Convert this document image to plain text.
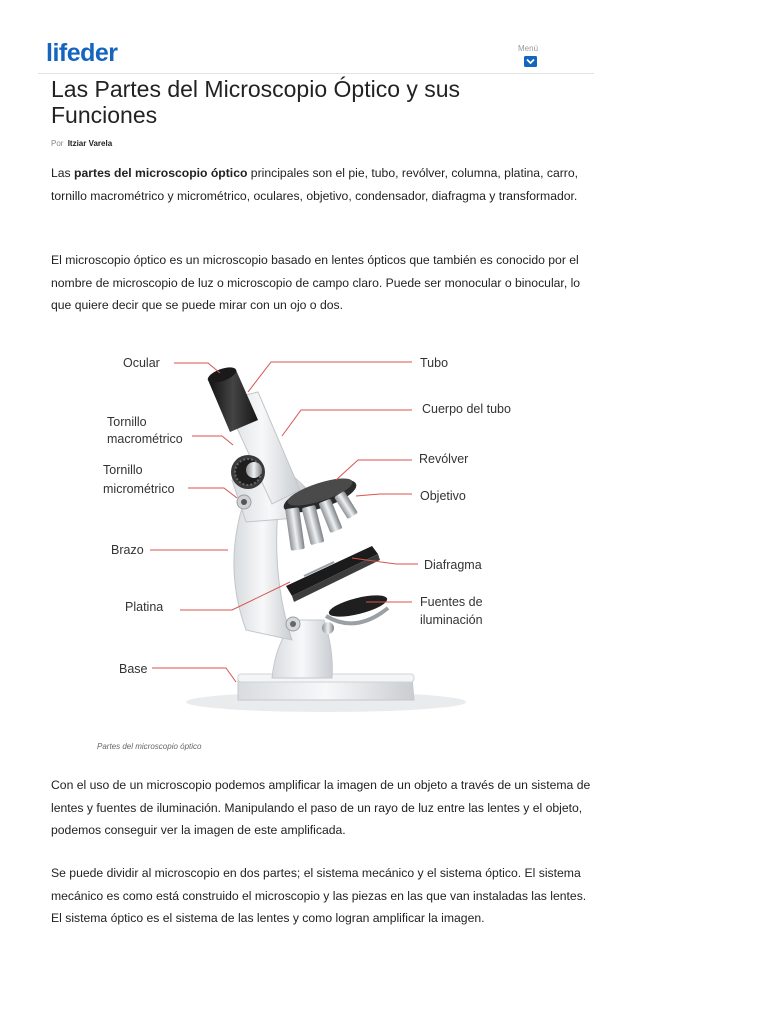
lifeder	Menú
Las Partes del Microscopio Óptico y sus Funciones
Por Itziar Varela

Las partes del microscopio óptico principales son el pie, tubo, revólver, columna, platina, carro, tornillo macrométrico y micrométrico, oculares, objetivo, condensador, diafragma y transformador.

El microscopio óptico es un microscopio basado en lentes ópticos que también es conocido por el nombre de microscopio de luz o microscopio de campo claro. Puede ser monocular o binocular, lo que quiere decir que se puede mirar con un ojo o dos.

Ocular
Tornillo
macrométrico
Tornillo
micrométrico
Brazo
Platina
Base
Tubo
Cuerpo del tubo
Revólver
Objetivo
Diafragma
Fuentes de
iluminación
Partes del microscopio óptico

Con el uso de un microscopio podemos amplificar la imagen de un objeto a través de un sistema de lentes y fuentes de iluminación. Manipulando el paso de un rayo de luz entre las lentes y el objeto, podemos conseguir ver la imagen de este amplificada.

Se puede dividir al microscopio en dos partes; el sistema mecánico y el sistema óptico. El sistema mecánico es como está construido el microscopio y las piezas en las que van instaladas las lentes. El sistema óptico es el sistema de las lentes y como logran amplificar la imagen.
